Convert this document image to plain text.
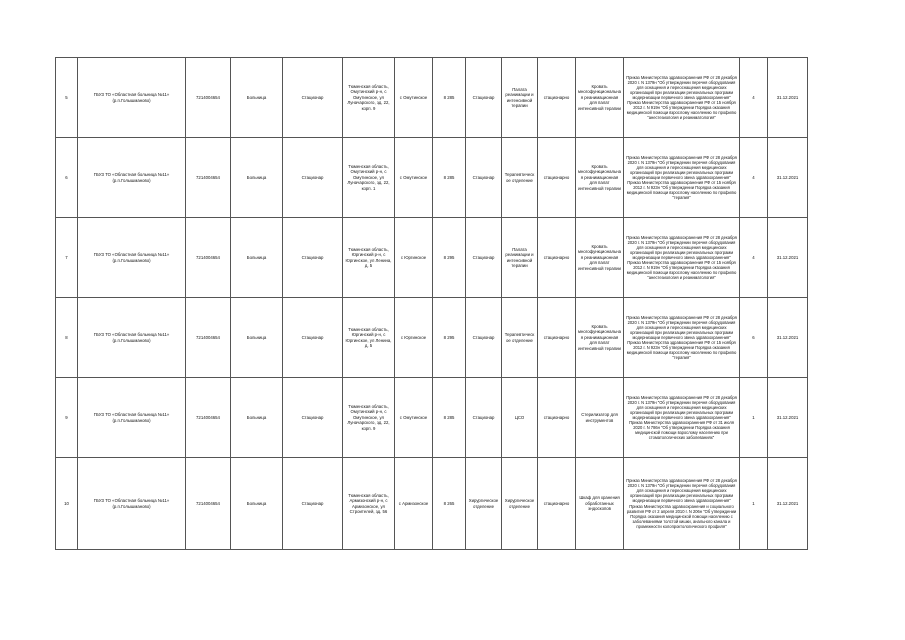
5	ГБУЗ ТО «Областная больница №11» (р.п.Голышманово)	7214004654	Больница	Стационар	Тюменская область, Омутинский р-н, с Омутинское, ул Луначарского, зд. 22, корп. 9	с Омутинское	8 285	Стационар	Палата реанимации и интенсивной терапии	стационарно	Кровать многофункциональная реанимационная для палат интенсивной терапии	Приказ Министерства здравоохранения РФ от 28 декабря 2020 г. N 1379н "Об утверждении перечня оборудования для оснащения и переоснащения медицинских организаций при реализации региональных программ модернизации первичного звена здравоохранения" Приказ Министерства здравоохранения РФ от 15 ноября 2012 г. N 919н "Об утверждении Порядка оказания медицинской помощи взрослому населению по профилю "анестезиология и реаниматология"	4	31.12.2021
6	ГБУЗ ТО «Областная больница №11» (р.п.Голышманово)	7214004654	Больница	Стационар	Тюменская область, Омутинский р-н, с Омутинское, ул Луначарского, зд. 22, корп. 1	с Омутинское	8 285	Стационар	Терапевтическое отделение	стационарно	Кровать многофункциональная реанимационная для палат интенсивной терапии	Приказ Министерства здравоохранения РФ от 28 декабря 2020 г. N 1379н "Об утверждении перечня оборудования для оснащения и переоснащения медицинских организаций при реализации региональных программ модернизации первичного звена здравоохранения" Приказ Министерства здравоохранения РФ от 15 ноября 2012 г. N 923н "Об утверждении Порядка оказания медицинской помощи взрослому населению по профилю "терапия"	4	31.12.2021
7	ГБУЗ ТО «Областная больница №11» (р.п.Голышманово)	7214004654	Больница	Стационар	Тюменская область, Юргинский р-н, с Юргинское, ул Ленина, д. 5	с Юргинское	8 295	Стационар	Палата реанимации и интенсивной терапии	стационарно	Кровать многофункциональная реанимационная для палат интенсивной терапии	Приказ Министерства здравоохранения РФ от 28 декабря 2020 г. N 1379н "Об утверждении перечня оборудования для оснащения и переоснащения медицинских организаций при реализации региональных программ модернизации первичного звена здравоохранения" Приказ Министерства здравоохранения РФ от 15 ноября 2012 г. N 919н "Об утверждении Порядка оказания медицинской помощи взрослому населению по профилю "анестезиология и реаниматология"	4	31.12.2021
8	ГБУЗ ТО «Областная больница №11» (р.п.Голышманово)	7214004654	Больница	Стационар	Тюменская область, Юргинский р-н, с Юргинское, ул Ленина, д. 5	с Юргинское	8 295	Стационар	Терапевтическое отделение	стационарно	Кровать многофункциональная реанимационная для палат интенсивной терапии	Приказ Министерства здравоохранения РФ от 28 декабря 2020 г. N 1379н "Об утверждении перечня оборудования для оснащения и переоснащения медицинских организаций при реализации региональных программ модернизации первичного звена здравоохранения" Приказ Министерства здравоохранения РФ от 15 ноября 2012 г. N 923н "Об утверждении Порядка оказания медицинской помощи взрослому населению по профилю "терапия"	6	31.12.2021
9	ГБУЗ ТО «Областная больница №11» (р.п.Голышманово)	7214004654	Больница	Стационар	Тюменская область, Омутинский р-н, с Омутинское, ул Луначарского, зд. 22, корп. 9	с Омутинское	8 285	Стационар	ЦСО	стационарно	Стерилизатор для инструментов	Приказ Министерства здравоохранения РФ от 28 декабря 2020 г. N 1379н "Об утверждении перечня оборудования для оснащения и переоснащения медицинских организаций при реализации региональных программ модернизации первичного звена здравоохранения" Приказ Министерства здравоохранения РФ от 31 июля 2020 г. N 786н "Об утверждении Порядка оказания медицинской помощи взрослому населению при стоматологических заболеваниях"	1	31.12.2021
10	ГБУЗ ТО «Областная больница №11» (р.п.Голышманово)	7214004654	Больница	Стационар	Тюменская область, Армизонский р-н, с Армизонское, ул Строителей, зд. 56	с Армизонское	8 265	Хирургическое отделение	Хирургическое отделение	стационарно	Шкаф для хранения обработанных эндоскопов	Приказ Министерства здравоохранения РФ от 28 декабря 2020 г. N 1379н "Об утверждении перечня оборудования для оснащения и переоснащения медицинских организаций при реализации региональных программ модернизации первичного звена здравоохранения" Приказ Министерства здравоохранения и социального развития РФ от 2 апреля 2010 г. N 206н "Об утверждении Порядка оказания медицинской помощи населению с заболеваниями толстой кишки, анального канала и промежности колопроктологического профиля"	1	31.12.2021
